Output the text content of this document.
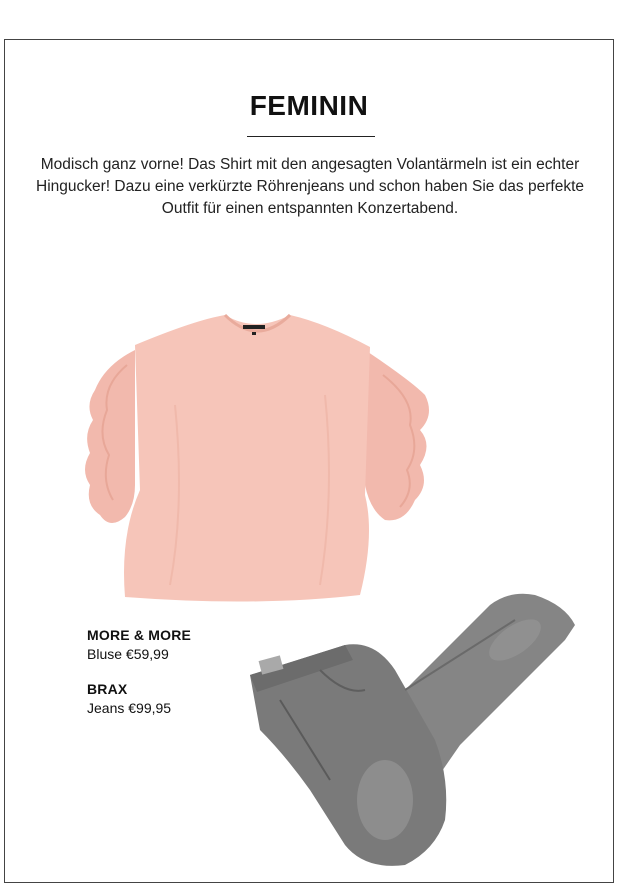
FEMININ
Modisch ganz vorne! Das Shirt mit den angesagten Volantärmeln ist ein echter Hingucker! Dazu eine verkürzte Röhrenjeans und schon haben Sie das perfekte Outfit für einen entspannten Konzertabend.
MORE & MORE
Bluse €59,99
BRAX
Jeans €99,95
